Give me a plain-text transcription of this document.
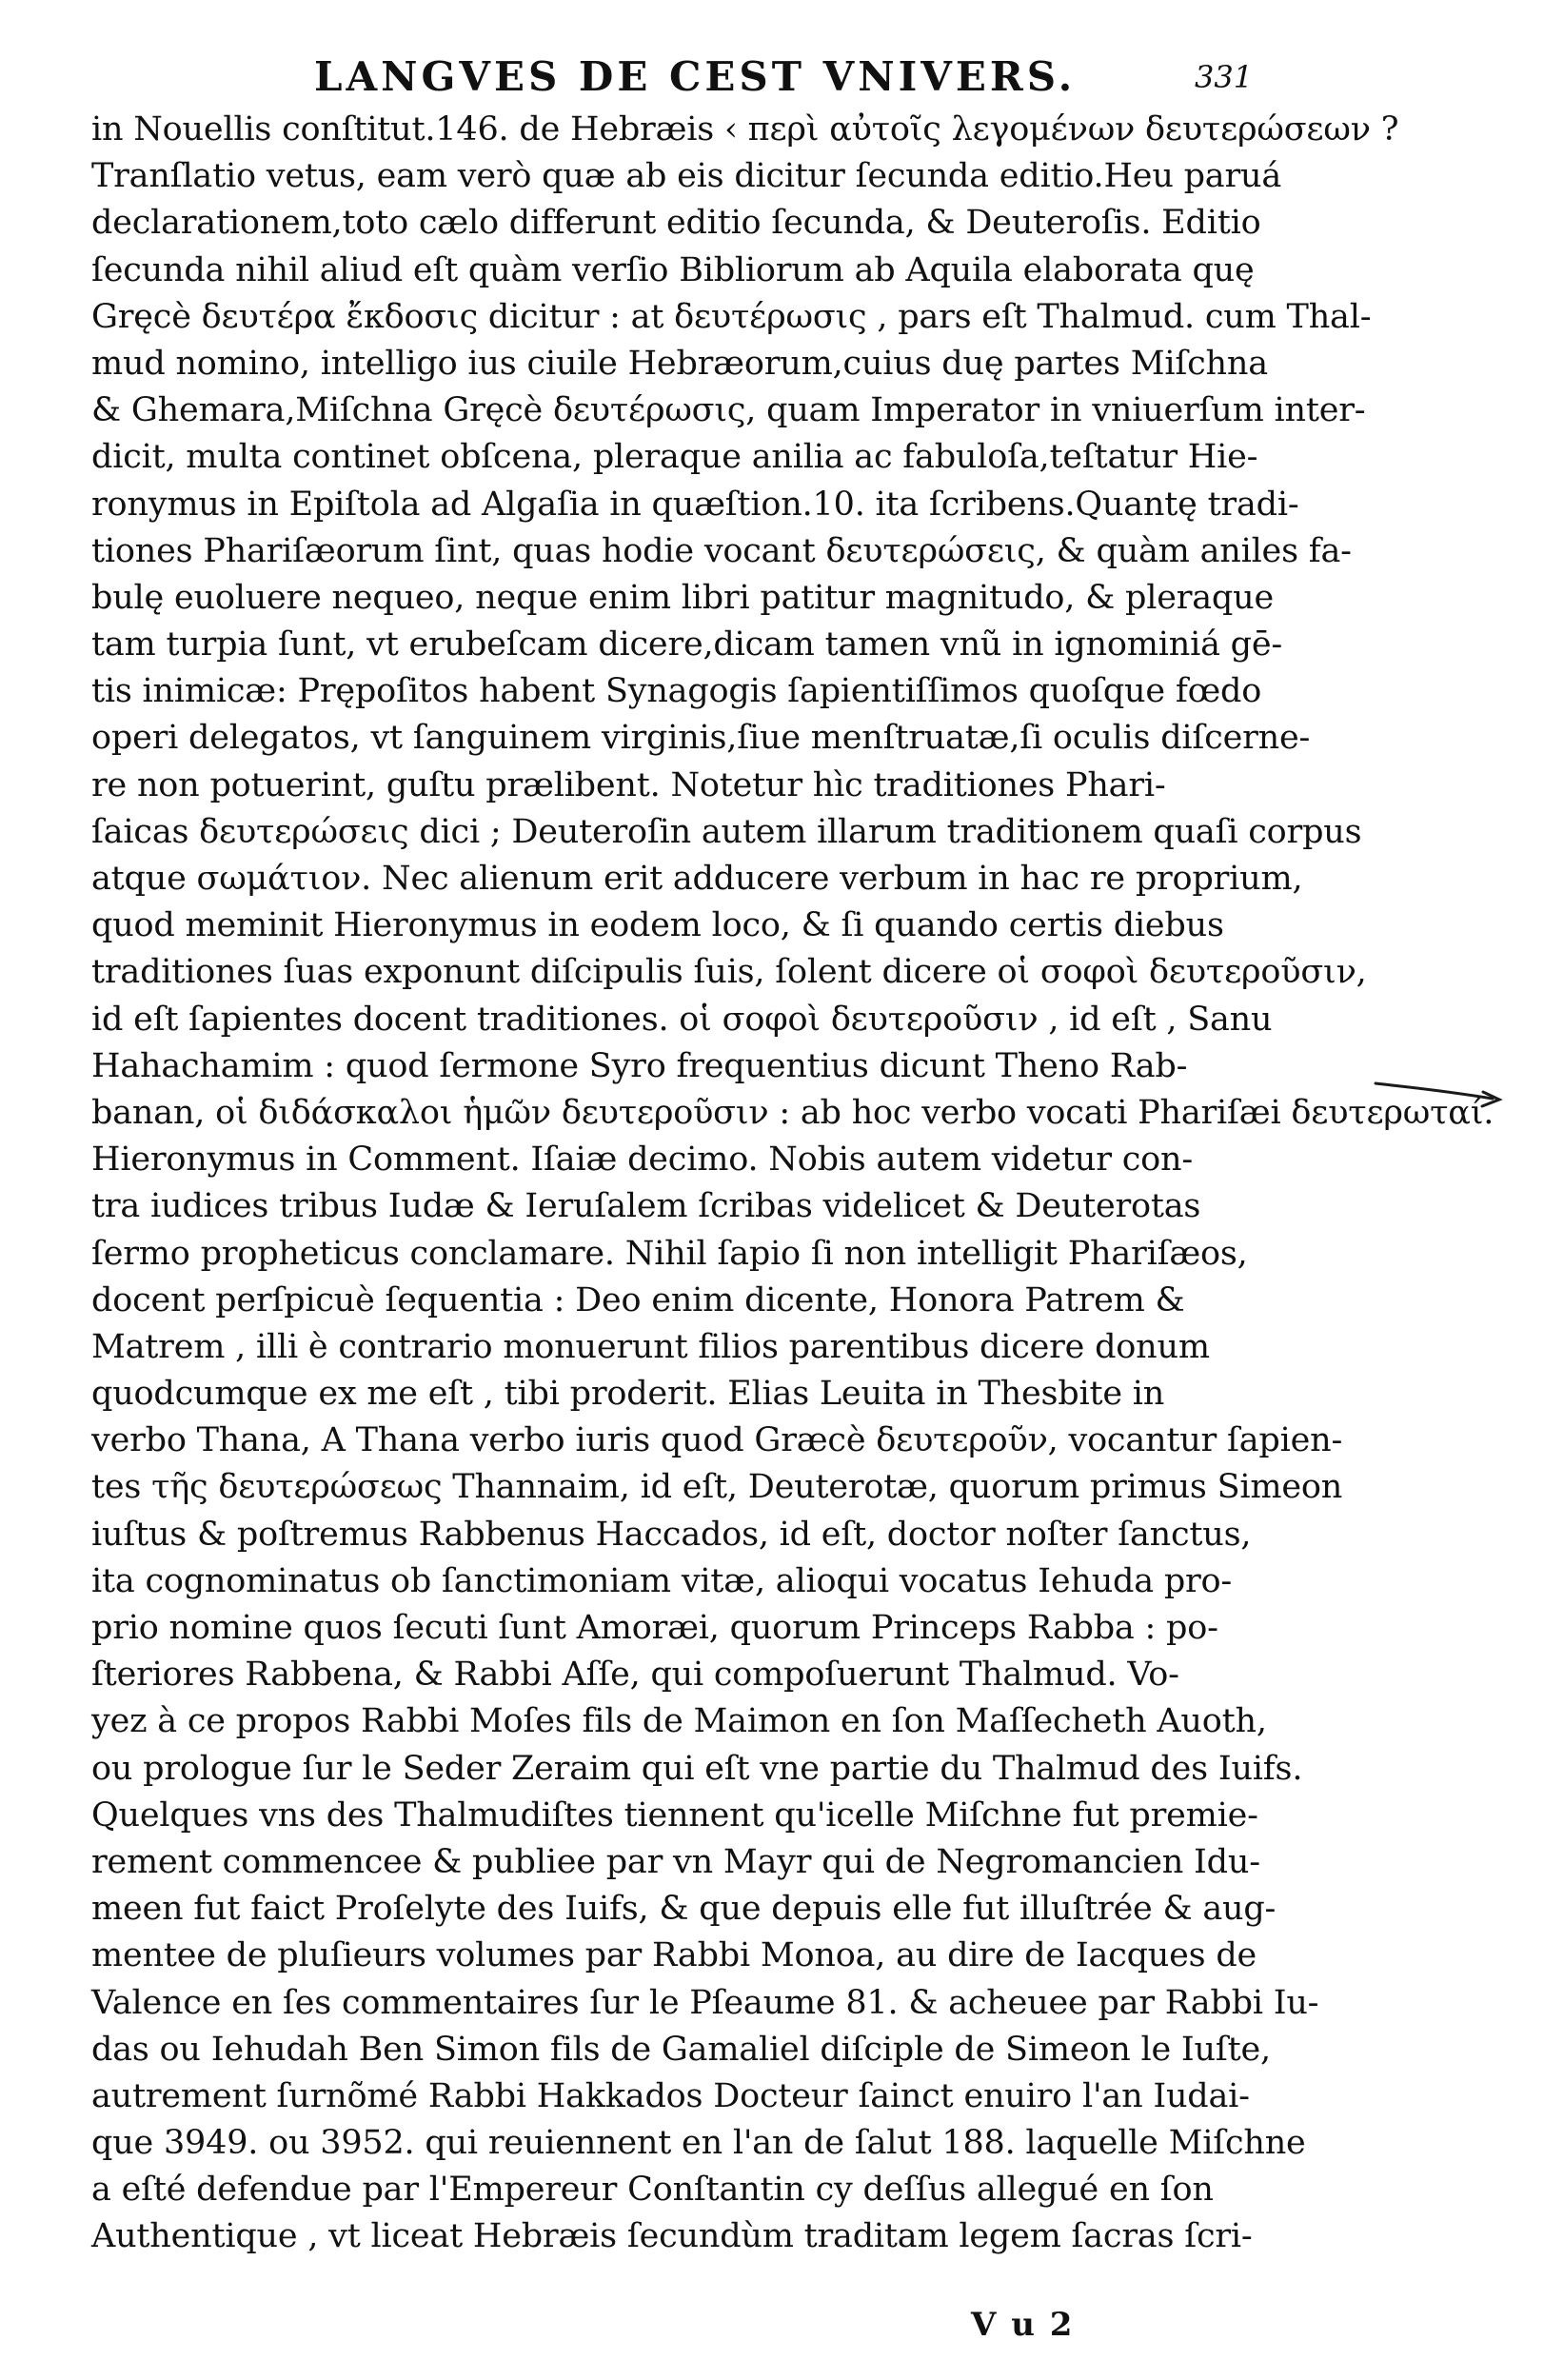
LANGVES DE CEST VNIVERS.	331
in Nouellis conſtitut.146. de Hebræis ‹ περὶ αὐτοῖς λεγομένων δευτερώσεων ?
Tranſlatio vetus, eam verò quæ ab eis dicitur ſecunda editio.Heu paruá
declarationem,toto cælo differunt editio ſecunda, & Deuteroſis. Editio
ſecunda nihil aliud eſt quàm verſio Bibliorum ab Aquila elaborata quę
Gręcè δευτέρα ἔκδοσις dicitur : at δευτέρωσις , pars eſt Thalmud. cum Thal-
mud nomino, intelligo ius ciuile Hebræorum,cuius duę partes Miſchna
& Ghemara,Miſchna Gręcè δευτέρωσις, quam Imperator in vniuerſum inter-
dicit, multa continet obſcena, pleraque anilia ac fabuloſa,teſtatur Hie-
ronymus in Epiſtola ad Algaſia in quæſtion.10. ita ſcribens.Quantę tradi-
tiones Phariſæorum ſint, quas hodie vocant δευτερώσεις, & quàm aniles fa-
bulę euoluere nequeo, neque enim libri patitur magnitudo, & pleraque
tam turpia ſunt, vt erubeſcam dicere,dicam tamen vnũ in ignominiá gē-
tis inimicæ: Prępoſitos habent Synagogis ſapientiſſimos quoſque fœdo
operi delegatos, vt ſanguinem virginis,ſiue menſtruatæ,ſi oculis diſcerne-
re non potuerint, guſtu prælibent. Notetur hìc traditiones Phari-
ſaicas δευτερώσεις dici ; Deuteroſin autem illarum traditionem quaſi corpus
atque σωμάτιον. Nec alienum erit adducere verbum in hac re proprium,
quod meminit Hieronymus in eodem loco, & ſi quando certis diebus
traditiones ſuas exponunt diſcipulis ſuis, ſolent dicere οἱ σοφοὶ δευτεροῦσιν,
id eſt ſapientes docent traditiones. οἱ σοφοὶ δευτεροῦσιν , id eſt , Sanu
Hahachamim : quod ſermone Syro frequentius dicunt Theno Rab-
banan, οἱ διδάσκαλοι ἡμῶν δευτεροῦσιν : ab hoc verbo vocati Phariſæi δευτερωταί.
Hieronymus in Comment. Iſaiæ decimo. Nobis autem videtur con-
tra iudices tribus Iudæ & Ieruſalem ſcribas videlicet & Deuterotas
ſermo propheticus conclamare. Nihil ſapio ſi non intelligit Phariſæos,
docent perſpicuè ſequentia : Deo enim dicente, Honora Patrem &
Matrem , illi è contrario monuerunt filios parentibus dicere donum
quodcumque ex me eſt , tibi proderit. Elias Leuita in Thesbite in
verbo Thana, A Thana verbo iuris quod Græcè δευτεροῦν, vocantur ſapien-
tes τῆς δευτερώσεως Thannaim, id eſt, Deuterotæ, quorum primus Simeon
iuſtus & poſtremus Rabbenus Haccados, id eſt, doctor noſter ſanctus,
ita cognominatus ob ſanctimoniam vitæ, alioqui vocatus Iehuda pro-
prio nomine quos ſecuti ſunt Amoræi, quorum Princeps Rabba : po-
ſteriores Rabbena, & Rabbi Aſſe, qui compoſuerunt Thalmud. Vo-
yez à ce propos Rabbi Moſes fils de Maimon en ſon Maſſecheth Auoth,
ou prologue ſur le Seder Zeraim qui eſt vne partie du Thalmud des Iuifs.
Quelques vns des Thalmudiſtes tiennent qu'icelle Miſchne fut premie-
rement commencee & publiee par vn Mayr qui de Negromancien Idu-
meen fut faict Proſelyte des Iuifs, & que depuis elle fut illuſtrée & aug-
mentee de pluſieurs volumes par Rabbi Monoa, au dire de Iacques de
Valence en ſes commentaires ſur le Pſeaume 81. & acheuee par Rabbi Iu-
das ou Iehudah Ben Simon fils de Gamaliel diſciple de Simeon le Iuſte,
autrement ſurnõmé Rabbi Hakkados Docteur ſainct enuiro l'an Iudai-
que 3949. ou 3952. qui reuiennent en l'an de ſalut 188. laquelle Miſchne
a eſté defendue par l'Empereur Conſtantin cy deſſus allegué en ſon
Authentique , vt liceat Hebræis ſecundùm traditam legem ſacras ſcri-
V u 2
